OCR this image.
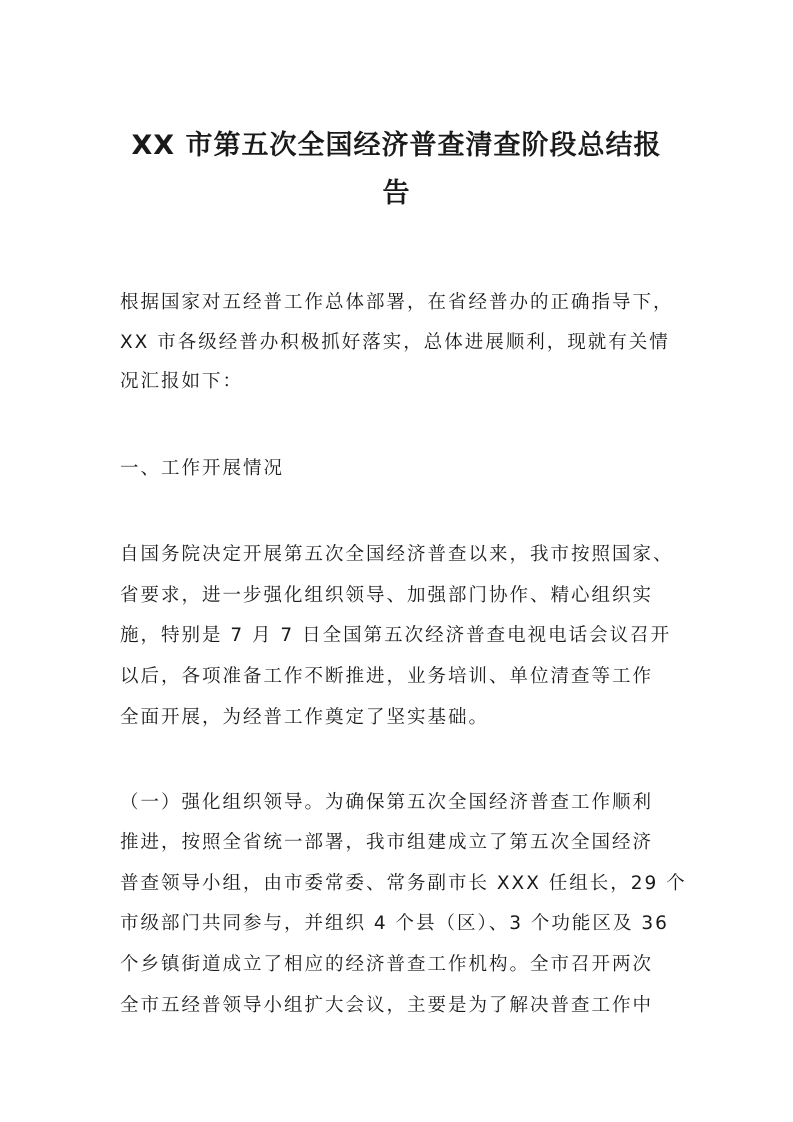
XX 市第五次全国经济普查清查阶段总结报
告
根据国家对五经普工作总体部署，在省经普办的正确指导下，
XX 市各级经普办积极抓好落实，总体进展顺利，现就有关情
况汇报如下：
一、工作开展情况
自国务院决定开展第五次全国经济普查以来，我市按照国家、
省要求，进一步强化组织领导、加强部门协作、精心组织实
施，特别是 7 月 7 日全国第五次经济普查电视电话会议召开
以后，各项准备工作不断推进，业务培训、单位清查等工作
全面开展，为经普工作奠定了坚实基础。
（一）强化组织领导。为确保第五次全国经济普查工作顺利
推进，按照全省统一部署，我市组建成立了第五次全国经济
普查领导小组，由市委常委、常务副市长 XXX 任组长，29 个
市级部门共同参与，并组织 4 个县（区）、3 个功能区及 36
个乡镇街道成立了相应的经济普查工作机构。全市召开两次
全市五经普领导小组扩大会议，主要是为了解决普查工作中
